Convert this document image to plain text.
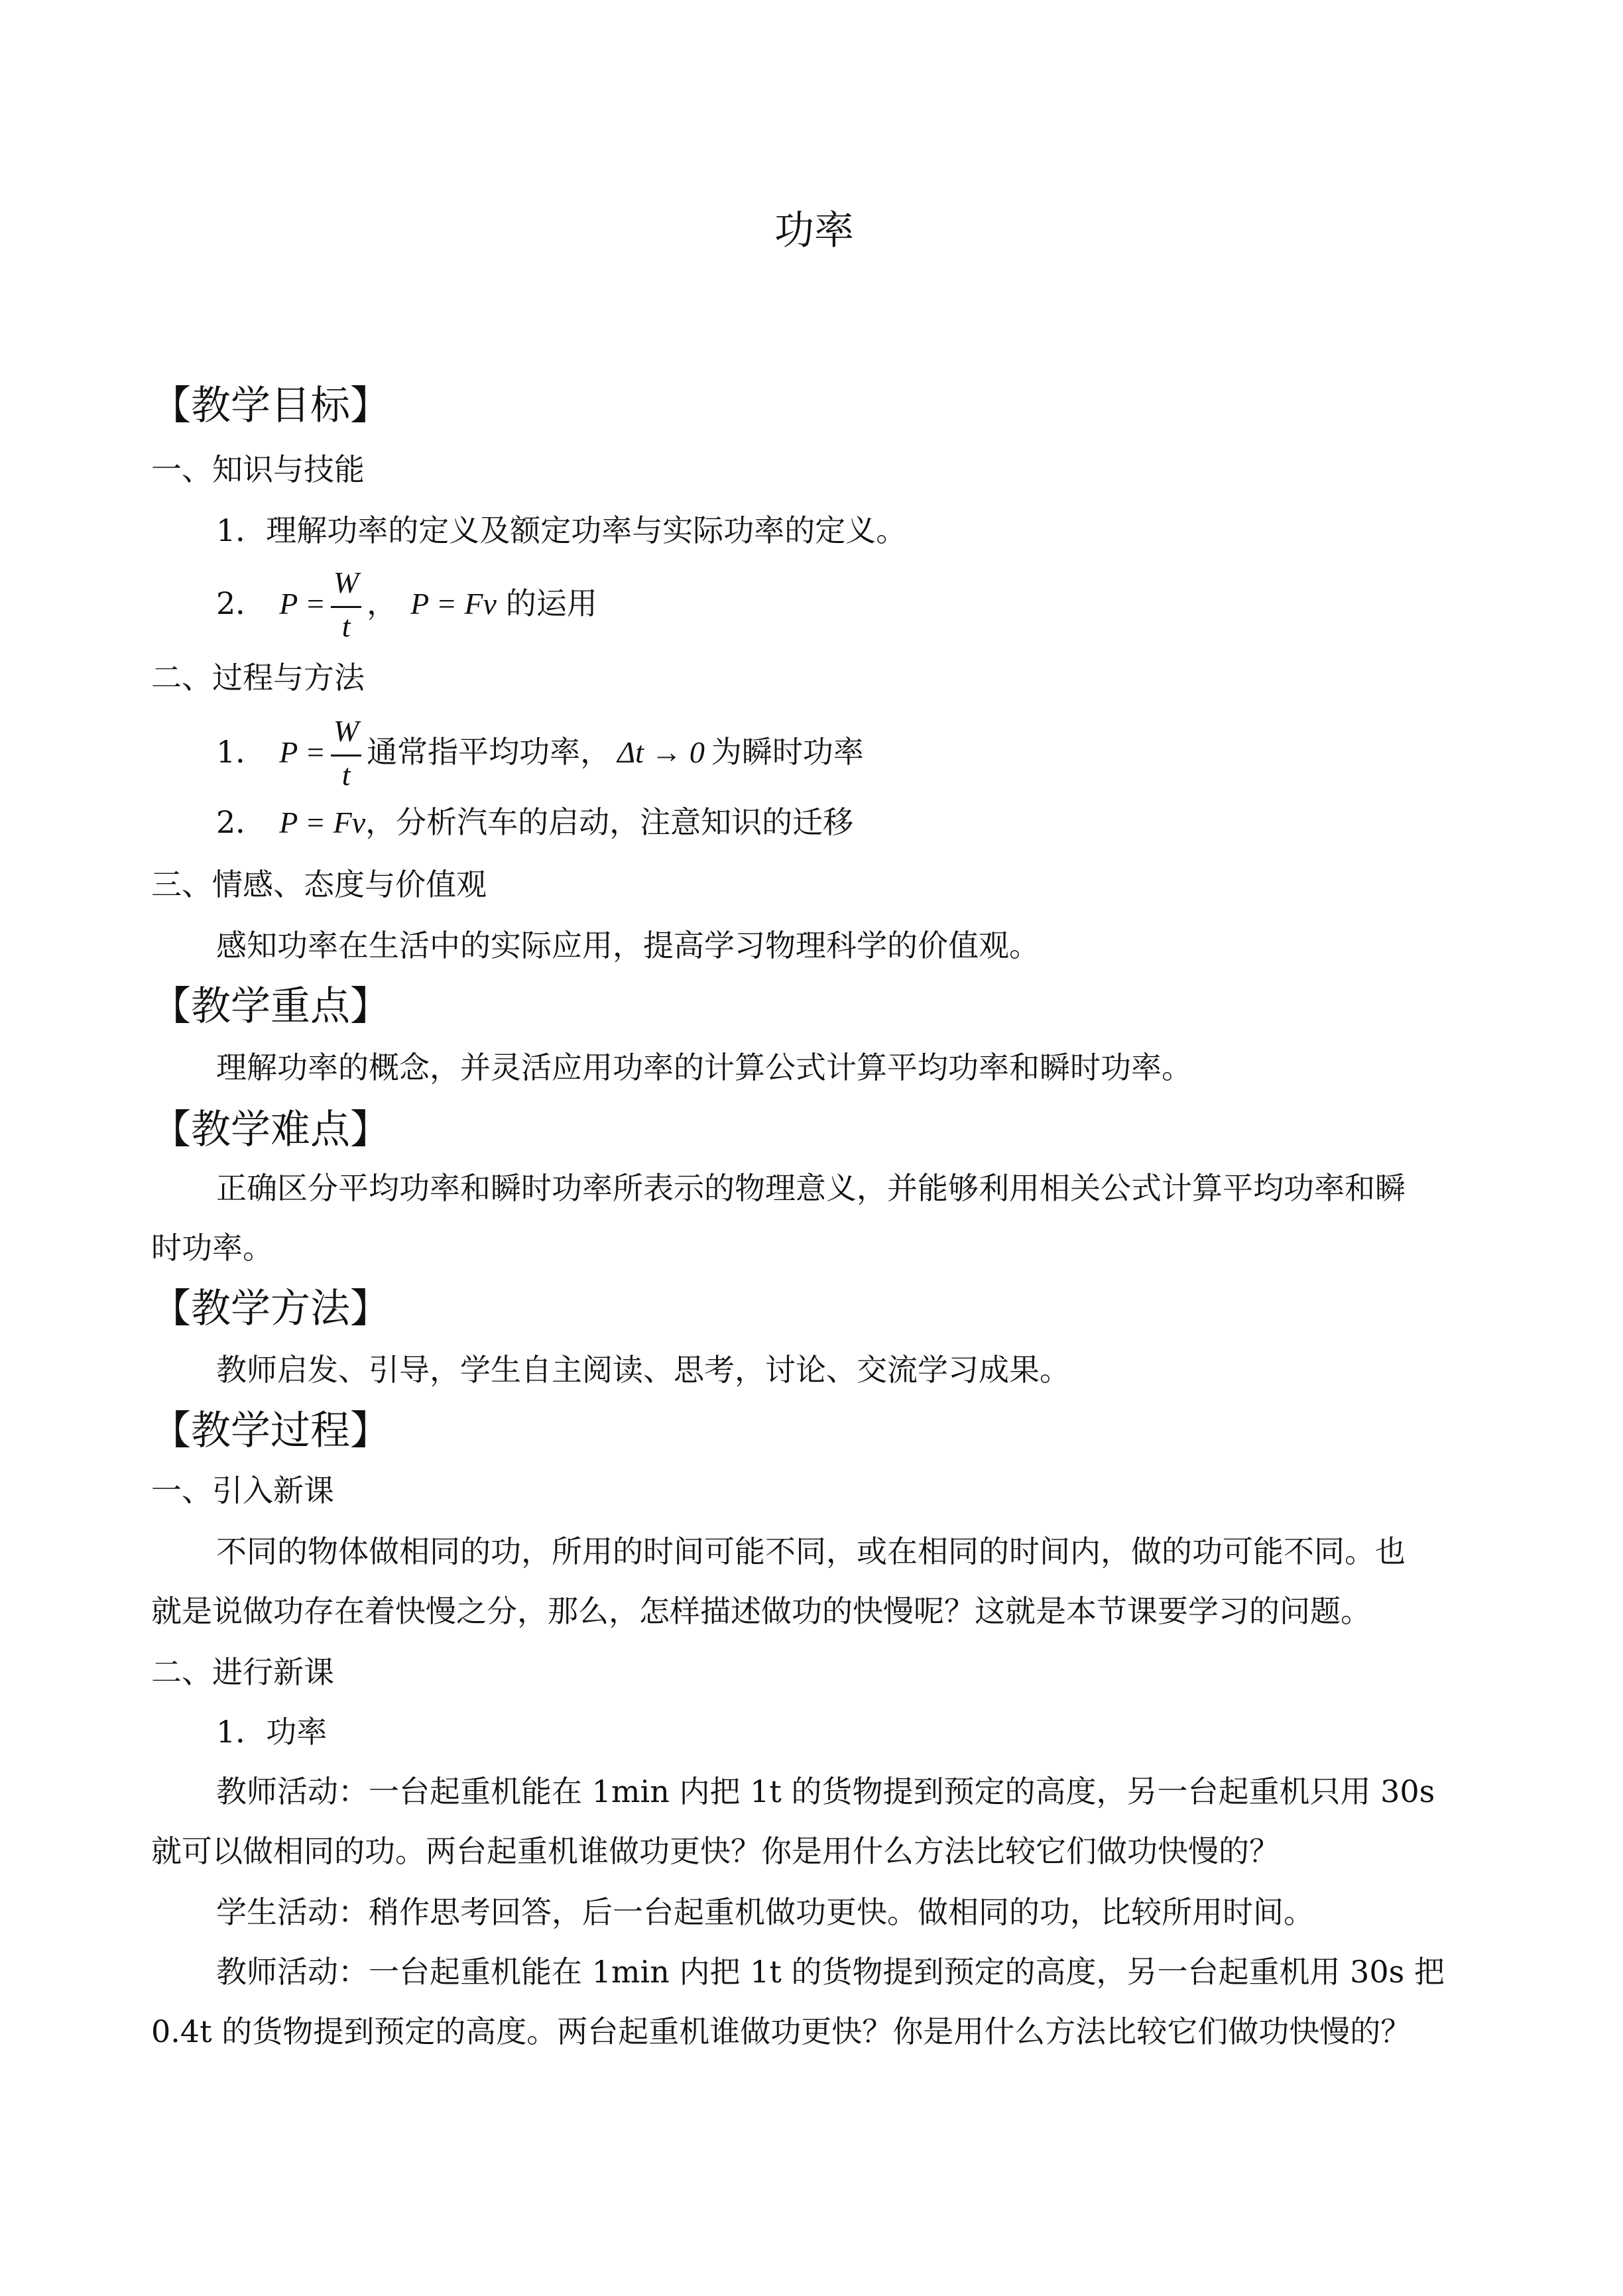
功率
【教学目标】
一、知识与技能
1．理解功率的定义及额定功率与实际功率的定义。
2． $P = \frac{W}{t}$ ， P = Fv 的运用
二、过程与方法
1． $P = \frac{W}{t}$ 通常指平均功率， Δt → 0 为瞬时功率
2． P = Fv，分析汽车的启动，注意知识的迁移
三、情感、态度与价值观
感知功率在生活中的实际应用，提高学习物理科学的价值观。
【教学重点】
理解功率的概念，并灵活应用功率的计算公式计算平均功率和瞬时功率。
【教学难点】
正确区分平均功率和瞬时功率所表示的物理意义，并能够利用相关公式计算平均功率和瞬
时功率。
【教学方法】
教师启发、引导，学生自主阅读、思考，讨论、交流学习成果。
【教学过程】
一、引入新课
不同的物体做相同的功，所用的时间可能不同，或在相同的时间内，做的功可能不同。也
就是说做功存在着快慢之分，那么，怎样描述做功的快慢呢？这就是本节课要学习的问题。
二、进行新课
1．功率
教师活动：一台起重机能在 1min 内把 1t 的货物提到预定的高度，另一台起重机只用 30s
就可以做相同的功。两台起重机谁做功更快？你是用什么方法比较它们做功快慢的？
学生活动：稍作思考回答，后一台起重机做功更快。做相同的功，比较所用时间。
教师活动：一台起重机能在 1min 内把 1t 的货物提到预定的高度，另一台起重机用 30s 把
0.4t 的货物提到预定的高度。两台起重机谁做功更快？你是用什么方法比较它们做功快慢的？
